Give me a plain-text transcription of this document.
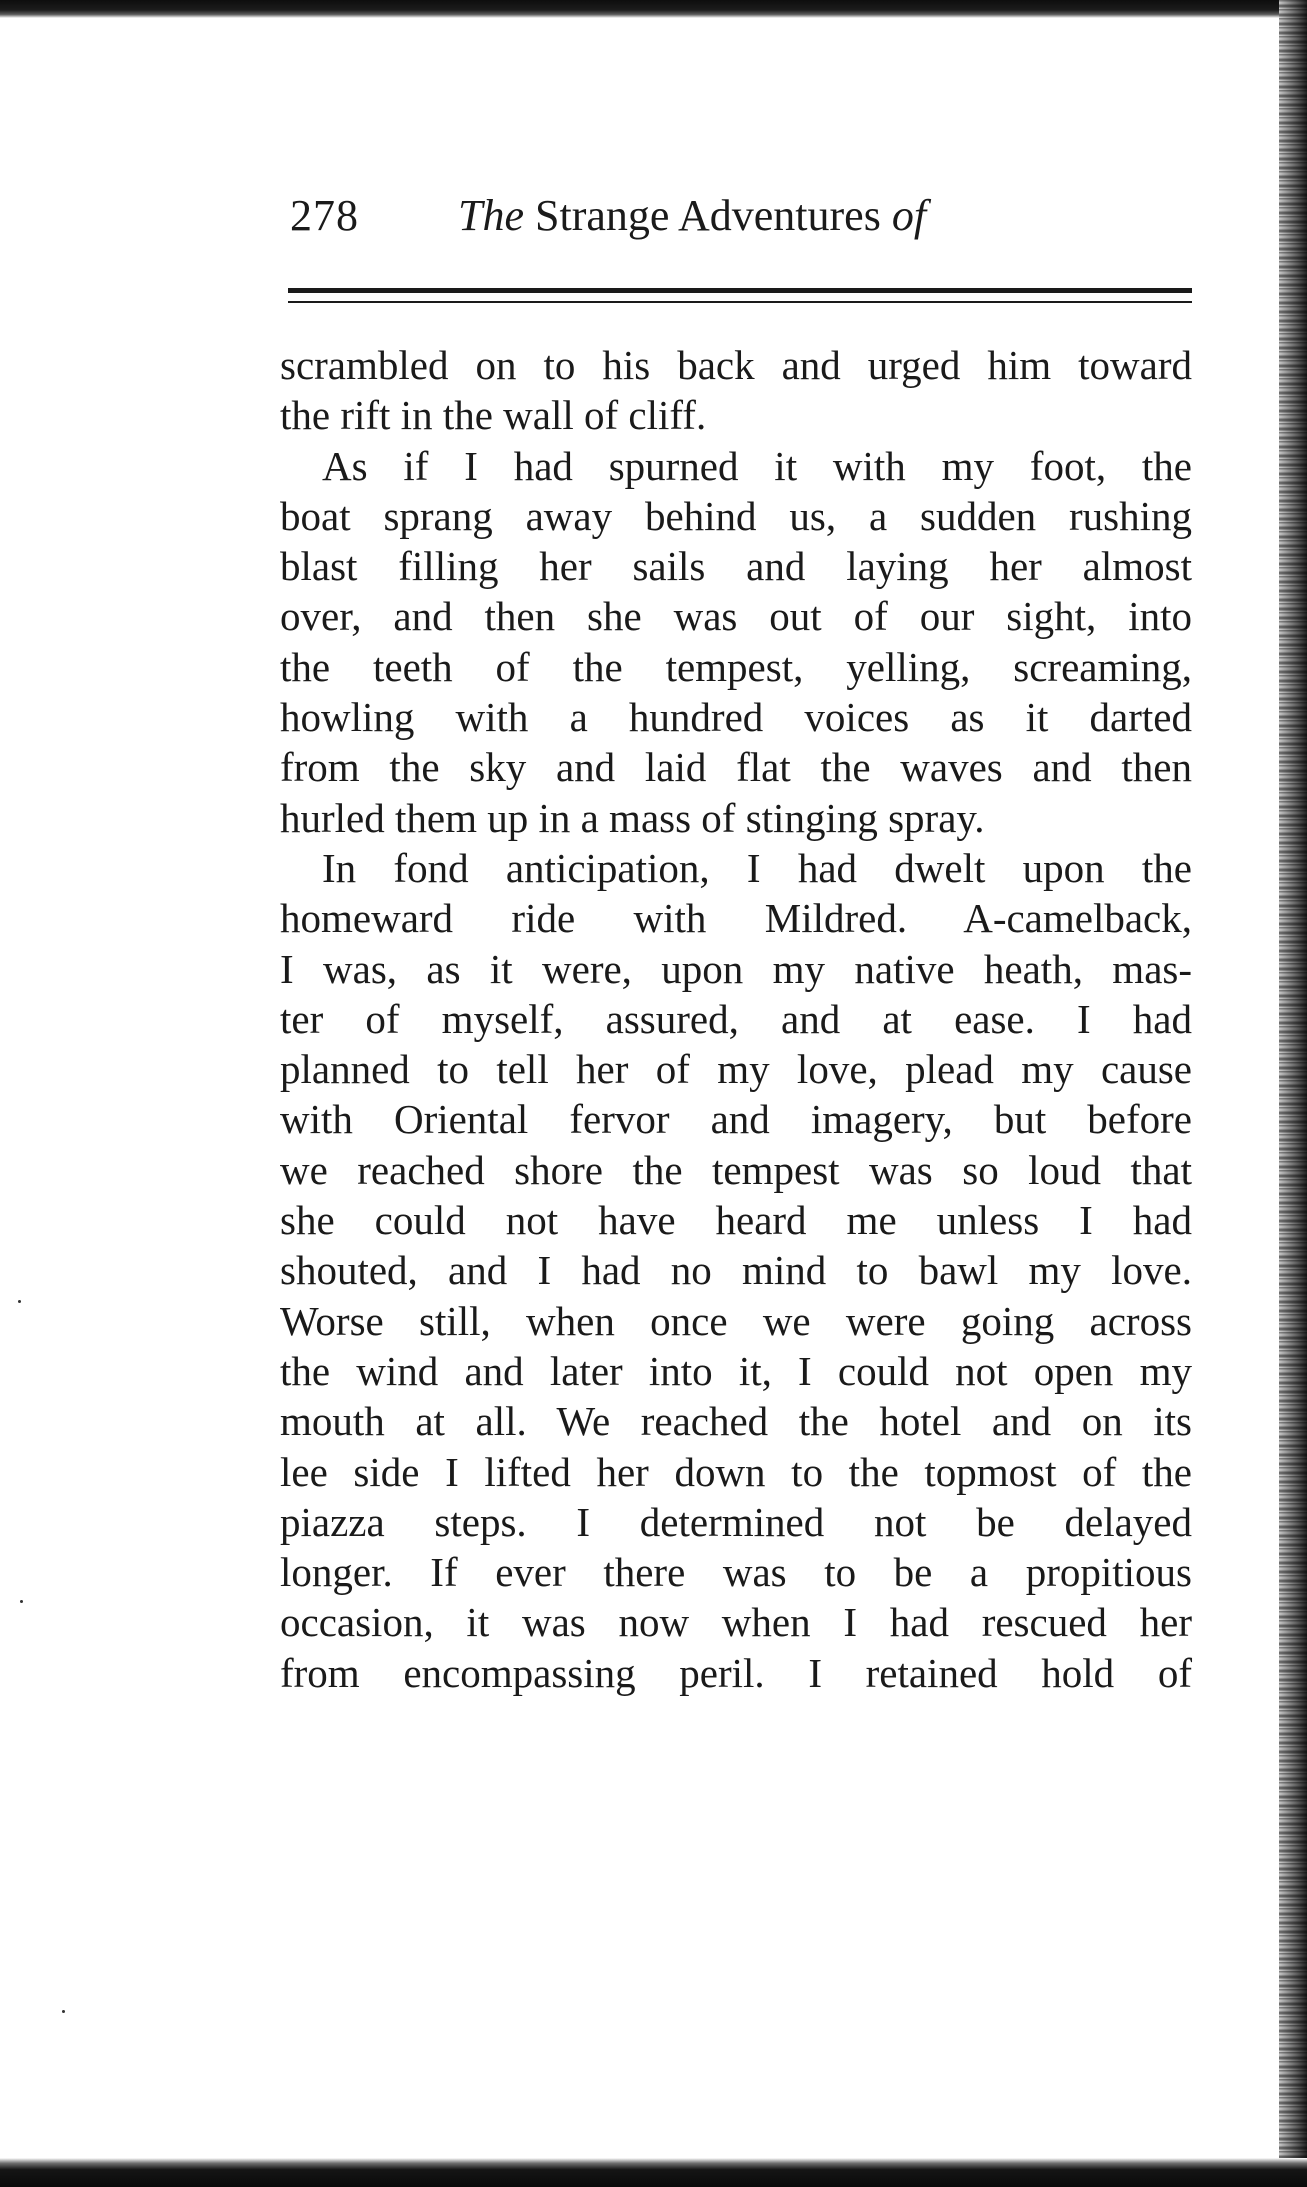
278 The Strange Adventures of
scrambled on to his back and urged him toward
the rift in the wall of cliff.
As if I had spurned it with my foot, the
boat sprang away behind us, a sudden rushing
blast filling her sails and laying her almost
over, and then she was out of our sight, into
the teeth of the tempest, yelling, screaming,
howling with a hundred voices as it darted
from the sky and laid flat the waves and then
hurled them up in a mass of stinging spray.
In fond anticipation, I had dwelt upon the
homeward ride with Mildred. A-camelback,
I was, as it were, upon my native heath, mas-
ter of myself, assured, and at ease. I had
planned to tell her of my love, plead my cause
with Oriental fervor and imagery, but before
we reached shore the tempest was so loud that
she could not have heard me unless I had
shouted, and I had no mind to bawl my love.
Worse still, when once we were going across
the wind and later into it, I could not open my
mouth at all. We reached the hotel and on its
lee side I lifted her down to the topmost of the
piazza steps. I determined not be delayed
longer. If ever there was to be a propitious
occasion, it was now when I had rescued her
from encompassing peril. I retained hold of
